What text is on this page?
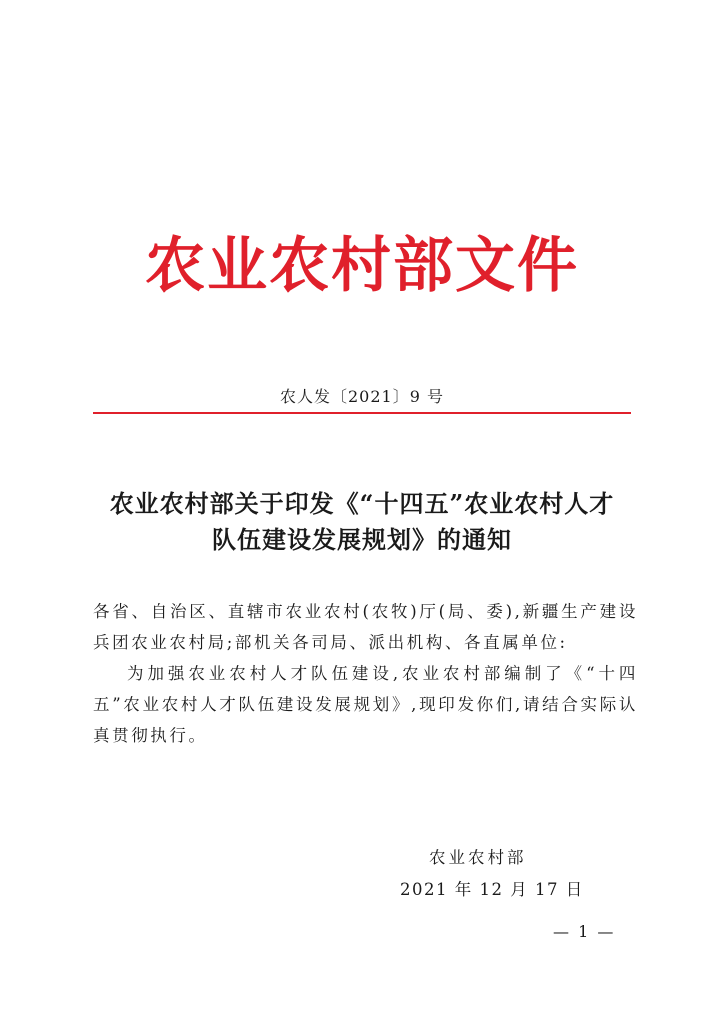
农业农村部文件
农人发〔2021〕9 号
农业农村部关于印发《“十四五”农业农村人才
队伍建设发展规划》的通知

各省、自治区、直辖市农业农村(农牧)厅(局、委),新疆生产建设兵团农业农村局;部机关各司局、派出机构、各直属单位:

为加强农业农村人才队伍建设,农业农村部编制了《“十四五”农业农村人才队伍建设发展规划》,现印发你们,请结合实际认真贯彻执行。

农业农村部
2021 年 12 月 17 日
— 1 —
